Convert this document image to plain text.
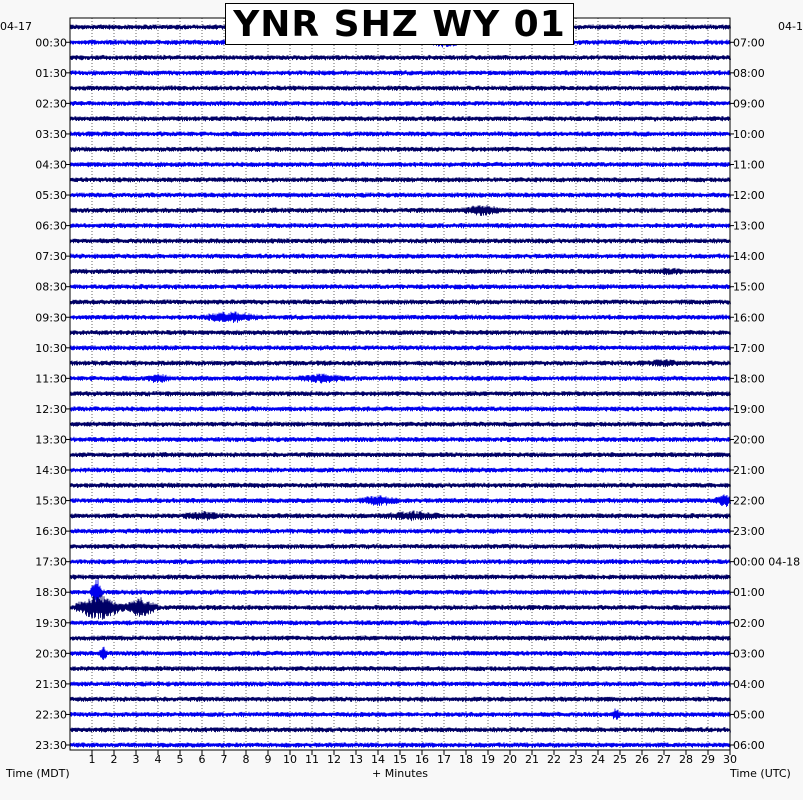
00:30
01:30
02:30
03:30
04:30
05:30
06:30
07:30
08:30
09:30
10:30
11:30
12:30
13:30
14:30
15:30
16:30
17:30
18:30
19:30
20:30
21:30
22:30
23:30
07:00
08:00
09:00
10:00
11:00
12:00
13:00
14:00
15:00
16:00
17:00
18:00
19:00
20:00
21:00
22:00
23:00
00:00 04-18
01:00
02:00
03:00
04:00
05:00
06:00
1 2 3 4 5 6 7 8 9 10 11 12 13 14 15 16 17 18 19 20 21 22 23 24 25 26 27 28 29 30
YNR SHZ WY 01
04-17	04-1
Time (MDT)	+ Minutes	Time (UTC)
